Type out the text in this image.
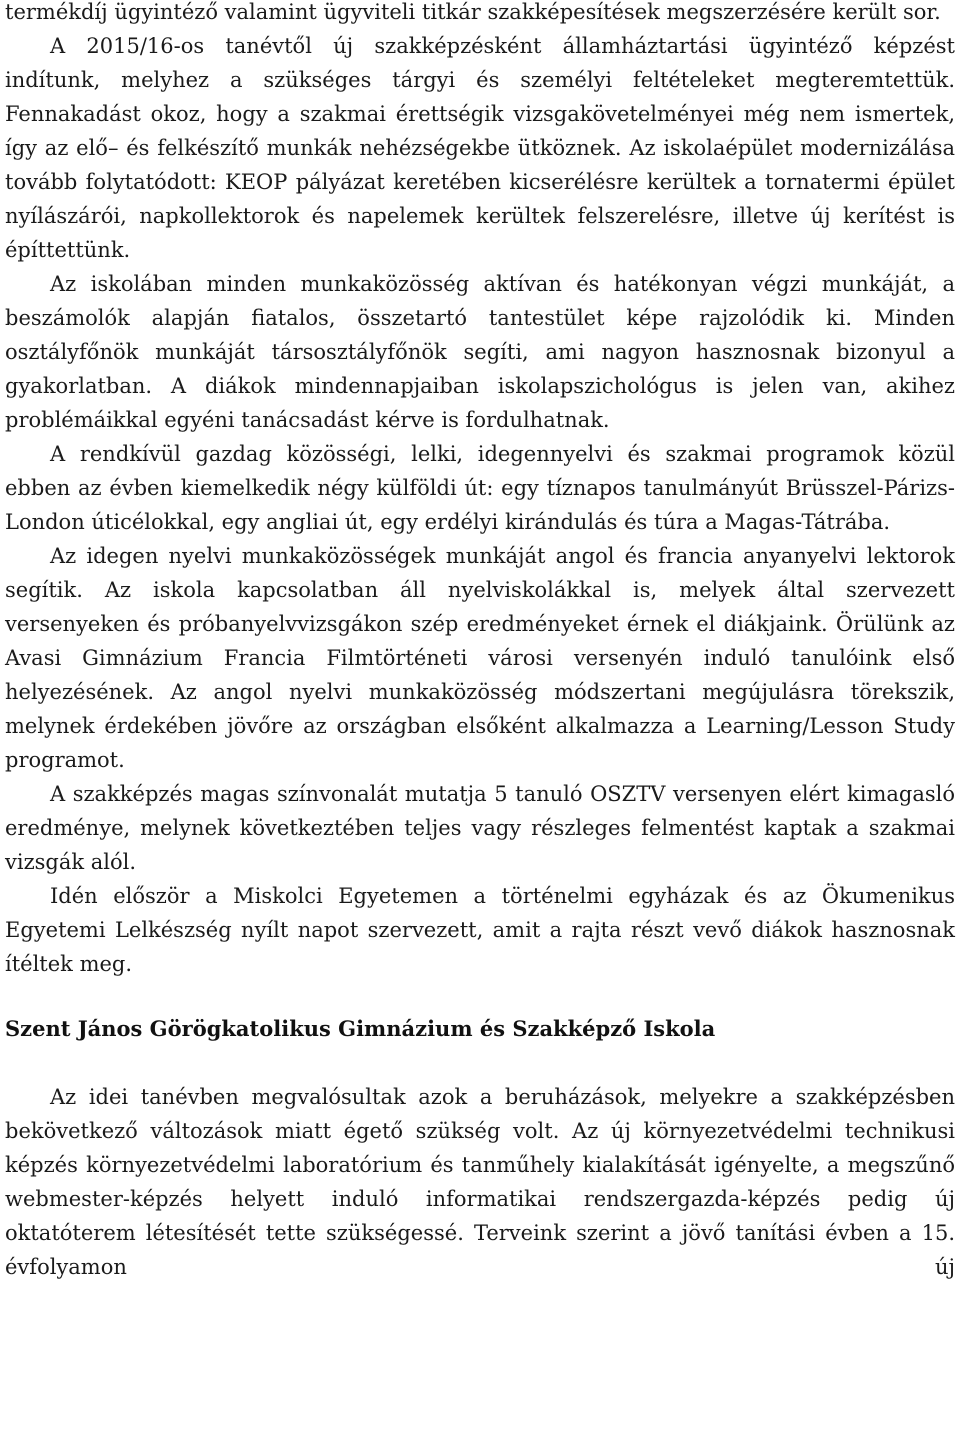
termékdíj ügyintéző valamint ügyviteli titkár szakképesítések megszerzésére került sor.

A 2015/16-os tanévtől új szakképzésként államháztartási ügyintéző képzést indítunk, melyhez a szükséges tárgyi és személyi feltételeket megteremtettük. Fennakadást okoz, hogy a szakmai érettségik vizsgakövetelményei még nem ismertek, így az elő– és felkészítő munkák nehézségekbe ütköznek. Az iskolaépület modernizálása tovább folytatódott: KEOP pályázat keretében kicserélésre kerültek a tornatermi épület nyílászárói, napkollektorok és napelemek kerültek felszerelésre, illetve új kerítést is építtettünk.

Az iskolában minden munkaközösség aktívan és hatékonyan végzi munkáját, a beszámolók alapján fiatalos, összetartó tantestület képe rajzolódik ki. Minden osztályfőnök munkáját társosztályfőnök segíti, ami nagyon hasznosnak bizonyul a gyakorlatban. A diákok mindennapjaiban iskolapszichológus is jelen van, akihez problémáikkal egyéni tanácsadást kérve is fordulhatnak.

A rendkívül gazdag közösségi, lelki, idegennyelvi és szakmai programok közül ebben az évben kiemelkedik négy külföldi út: egy tíznapos tanulmányút Brüsszel-Párizs-London úticélokkal, egy angliai út, egy erdélyi kirándulás és túra a Magas-Tátrába.

Az idegen nyelvi munkaközösségek munkáját angol és francia anyanyelvi lektorok segítik. Az iskola kapcsolatban áll nyelviskolákkal is, melyek által szervezett versenyeken és próbanyelvvizsgákon szép eredményeket érnek el diákjaink. Örülünk az Avasi Gimnázium Francia Filmtörténeti városi versenyén induló tanulóink első helyezésének. Az angol nyelvi munkaközösség módszertani megújulásra törekszik, melynek érdekében jövőre az országban elsőként alkalmazza a Learning/Lesson Study programot.

A szakképzés magas színvonalát mutatja 5 tanuló OSZTV versenyen elért kimagasló eredménye, melynek következtében teljes vagy részleges felmentést kaptak a szakmai vizsgák alól.

Idén először a Miskolci Egyetemen a történelmi egyházak és az Ökumenikus Egyetemi Lelkészség nyílt napot szervezett, amit a rajta részt vevő diákok hasznosnak ítéltek meg.

Szent János Görögkatolikus Gimnázium és Szakképző Iskola

Az idei tanévben megvalósultak azok a beruházások, melyekre a szakképzésben bekövetkező változások miatt égető szükség volt. Az új környezetvédelmi technikusi képzés környezetvédelmi laboratórium és tanműhely kialakítását igényelte, a megszűnő webmester-képzés helyett induló informatikai rendszergazda-képzés pedig új oktatóterem létesítését tette szükségessé. Terveink szerint a jövő tanítási évben a 15. évfolyamon új
